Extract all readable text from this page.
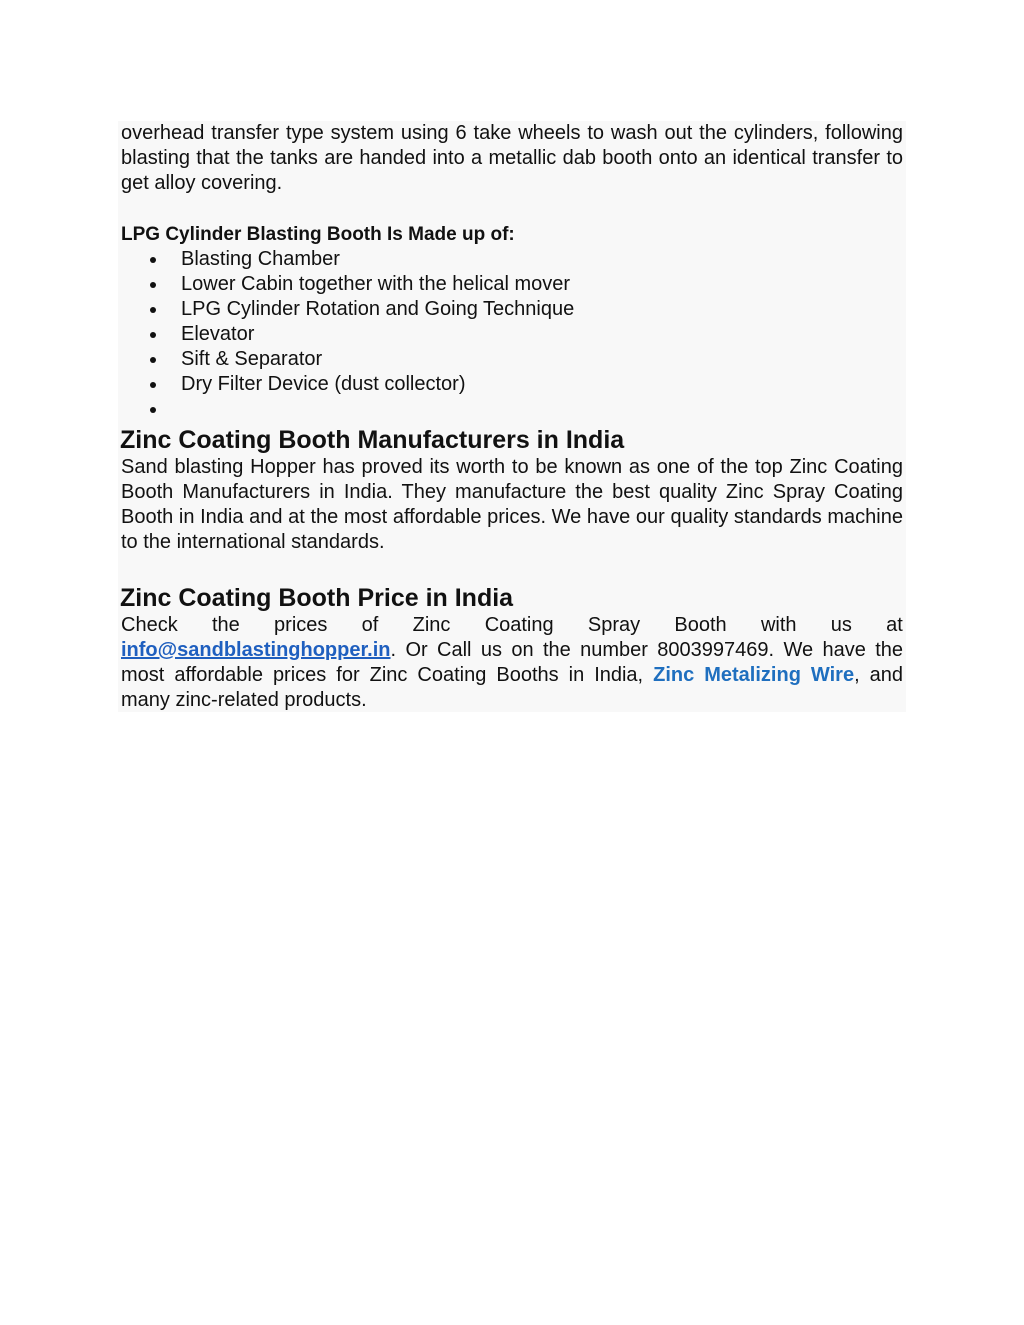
overhead transfer type system using 6 take wheels to wash out the cylinders, following blasting that the tanks are handed into a metallic dab booth onto an identical transfer to get alloy covering.

LPG Cylinder Blasting Booth Is Made up of:

Blasting Chamber
Lower Cabin together with the helical mover
LPG Cylinder Rotation and Going Technique
Elevator
Sift & Separator
Dry Filter Device (dust collector)
Zinc Coating Booth Manufacturers in India

Sand blasting Hopper has proved its worth to be known as one of the top Zinc Coating Booth Manufacturers in India. They manufacture the best quality Zinc Spray Coating Booth in India and at the most affordable prices. We have our quality standards machine to the international standards.

Zinc Coating Booth Price in India
Check the prices of Zinc Coating Spray Booth with us at

info@sandblastinghopper.in. Or Call us on the number 8003997469. We have the most affordable prices for Zinc Coating Booths in India, Zinc Metalizing Wire, and many zinc-related products.
